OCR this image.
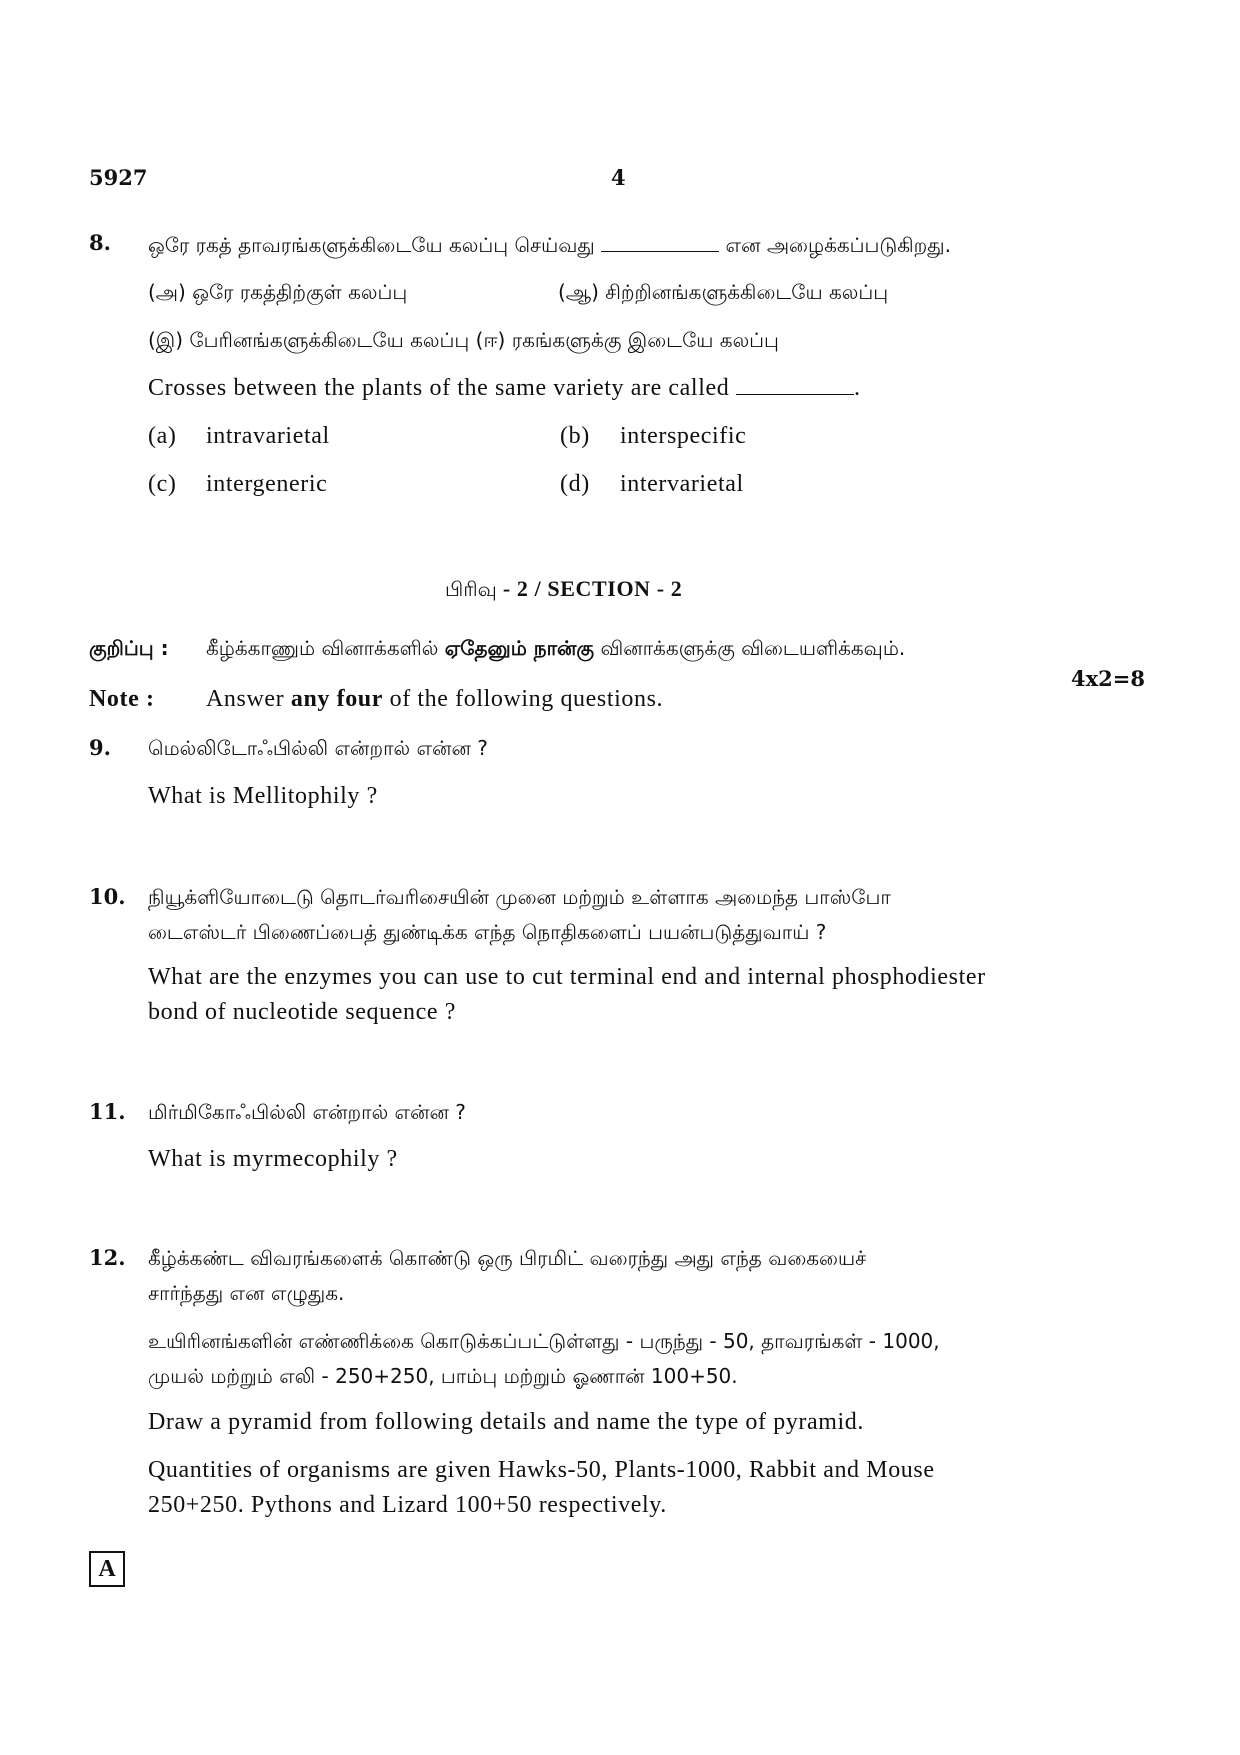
5927	4
8. ஒரே ரகத் தாவரங்களுக்கிடையே கலப்பு செய்வது	என அழைக்கப்படுகிறது.
(அ) ஒரே ரகத்திற்குள் கலப்பு	(ஆ) சிற்றினங்களுக்கிடையே கலப்பு
(இ) பேரினங்களுக்கிடையே கலப்பு (ஈ) ரகங்களுக்கு இடையே கலப்பு
Crosses between the plants of the same variety are called	.
(a) intravarietal	(b) interspecific
(c) intergeneric	(d) intervarietal
பிரிவு - 2 / SECTION - 2
குறிப்பு : கீழ்க்காணும் வினாக்களில் ஏதேனும் நான்கு வினாக்களுக்கு விடையளிக்கவும்.
4x2=8
Note : Answer any four of the following questions.
9. மெல்லிடோஃபில்லி என்றால் என்ன ?
What is Mellitophily ?
10. நியூக்ளியோடைடு தொடர்வரிசையின் முனை மற்றும் உள்ளாக அமைந்த பாஸ்போ
டைஎஸ்டர் பிணைப்பைத் துண்டிக்க எந்த நொதிகளைப் பயன்படுத்துவாய் ?
What are the enzymes you can use to cut terminal end and internal phosphodiester
bond of nucleotide sequence ?
11. மிர்மிகோஃபில்லி என்றால் என்ன ?
What is myrmecophily ?
12. கீழ்க்கண்ட விவரங்களைக் கொண்டு ஒரு பிரமிட் வரைந்து அது எந்த வகையைச்
சார்ந்தது என எழுதுக.
உயிரினங்களின் எண்ணிக்கை கொடுக்கப்பட்டுள்ளது - பருந்து - 50, தாவரங்கள் - 1000,
முயல் மற்றும் எலி - 250+250, பாம்பு மற்றும் ஓணான் 100+50.
Draw a pyramid from following details and name the type of pyramid.
Quantities of organisms are given Hawks-50, Plants-1000, Rabbit and Mouse
250+250. Pythons and Lizard 100+50 respectively.
A
